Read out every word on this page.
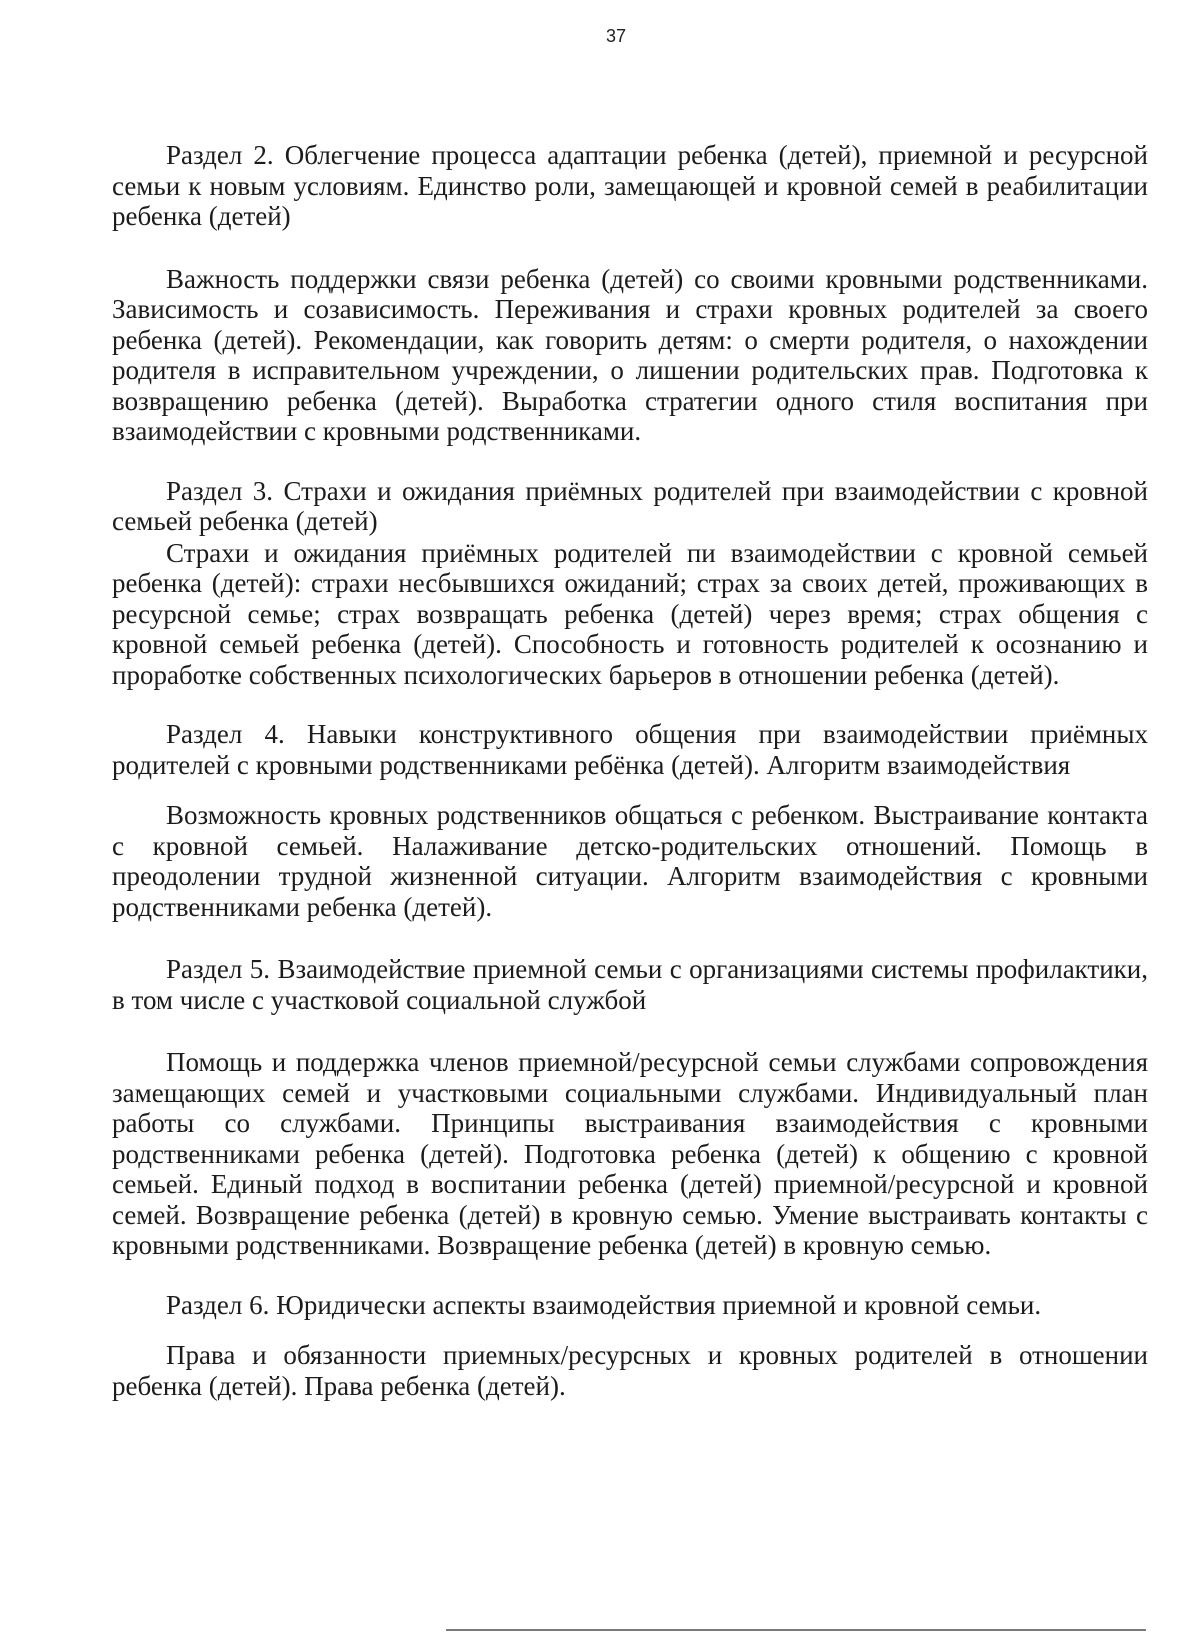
37

Раздел 2. Облегчение процесса адаптации ребенка (детей), приемной и ресурсной семьи к новым условиям. Единство роли, замещающей и кровной семей в реабилитации ребенка (детей)

Важность поддержки связи ребенка (детей) со своими кровными родственниками. Зависимость и созависимость. Переживания и страхи кровных родителей за своего ребенка (детей). Рекомендации, как говорить детям: о смерти родителя, о нахождении родителя в исправительном учреждении, о лишении родительских прав. Подготовка к возвращению ребенка (детей). Выработка стратегии одного стиля воспитания при взаимодействии с кровными родственниками.

Раздел 3. Страхи и ожидания приёмных родителей при взаимодействии с кровной семьей ребенка (детей)

Страхи и ожидания приёмных родителей пи взаимодействии с кровной семьей ребенка (детей): страхи несбывшихся ожиданий; страх за своих детей, проживающих в ресурсной семье; страх возвращать ребенка (детей) через время; страх общения с кровной семьей ребенка (детей). Способность и готовность родителей к осознанию и проработке собственных психологических барьеров в отношении ребенка (детей).

Раздел 4. Навыки конструктивного общения при взаимодействии приёмных родителей с кровными родственниками ребёнка (детей). Алгоритм взаимодействия

Возможность кровных родственников общаться с ребенком. Выстраивание контакта с кровной семьей. Налаживание детско-родительских отношений. Помощь в преодолении трудной жизненной ситуации. Алгоритм взаимодействия с кровными родственниками ребенка (детей).

Раздел 5. Взаимодействие приемной семьи с организациями системы профилактики, в том числе с участковой социальной службой

Помощь и поддержка членов приемной/ресурсной семьи службами сопровождения замещающих семей и участковыми социальными службами. Индивидуальный план работы со службами. Принципы выстраивания взаимодействия с кровными родственниками ребенка (детей). Подготовка ребенка (детей) к общению с кровной семьей. Единый подход в воспитании ребенка (детей) приемной/ресурсной и кровной семей. Возвращение ребенка (детей) в кровную семью. Умение выстраивать контакты с кровными родственниками. Возвращение ребенка (детей) в кровную семью.

Раздел 6. Юридически аспекты взаимодействия приемной и кровной семьи.

Права и обязанности приемных/ресурсных и кровных родителей в отношении ребенка (детей). Права ребенка (детей).
